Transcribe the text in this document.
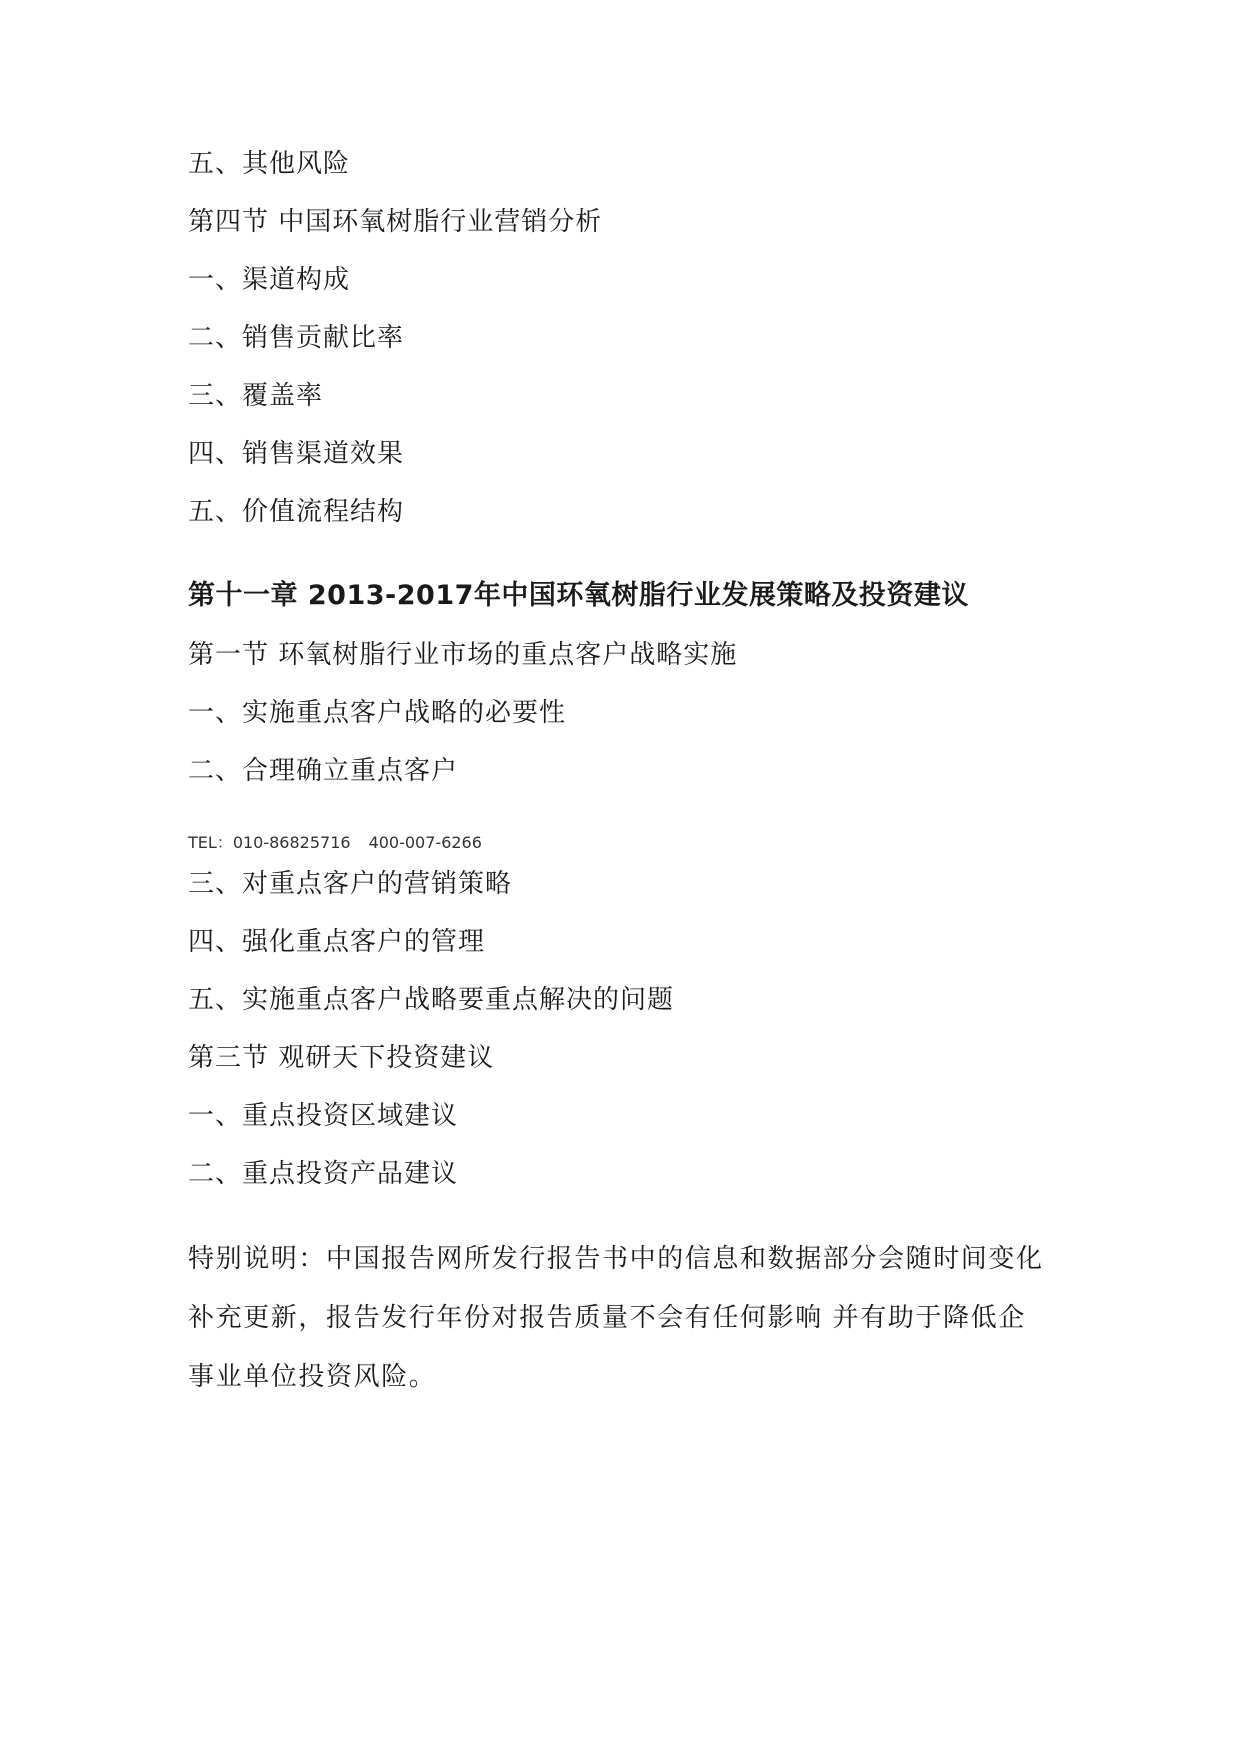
五、其他风险
第四节 中国环氧树脂行业营销分析
一、渠道构成
二、销售贡献比率
三、覆盖率
四、销售渠道效果
五、价值流程结构
第十一章 2013-2017年中国环氧树脂行业发展策略及投资建议
第一节 环氧树脂行业市场的重点客户战略实施
一、实施重点客户战略的必要性
二、合理确立重点客户
TEL：010-86825716 400-007-6266
三、对重点客户的营销策略
四、强化重点客户的管理
五、实施重点客户战略要重点解决的问题
第三节 观研天下投资建议
一、重点投资区域建议
二、重点投资产品建议
特别说明：中国报告网所发行报告书中的信息和数据部分会随时间变化
补充更新，报告发行年份对报告质量不会有任何影响 并有助于降低企
事业单位投资风险。
